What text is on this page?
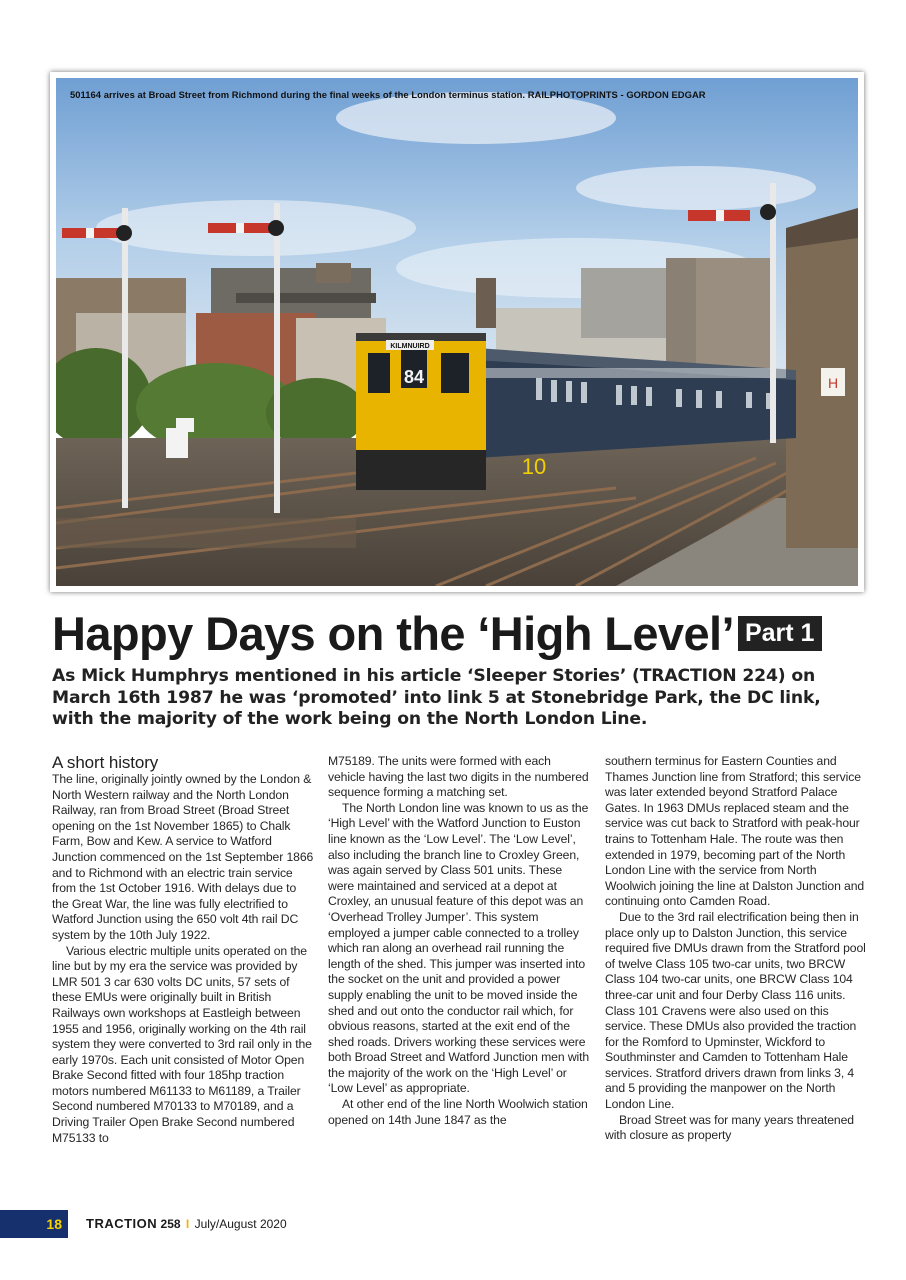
H
KILMNUIRD
84
10
501164 arrives at Broad Street from Richmond during the final weeks of the London terminus station. RAILPHOTOPRINTS - GORDON EDGAR
Happy Days on the ‘High Level’ Part 1

As Mick Humphrys mentioned in his article ‘Sleeper Stories’ (TRACTION 224) on March 16th 1987 he was ‘promoted’ into link 5 at Stonebridge Park, the DC link, with the majority of the work being on the North London Line.

A short history

The line, originally jointly owned by the London & North Western railway and the North London Railway, ran from Broad Street (Broad Street opening on the 1st November 1865) to Chalk Farm, Bow and Kew. A service to Watford Junction commenced on the 1st September 1866 and to Richmond with an electric train service from the 1st October 1916. With delays due to the Great War, the line was fully electrified to Watford Junction using the 650 volt 4th rail DC system by the 10th July 1922.

Various electric multiple units operated on the line but by my era the service was provided by LMR 501 3 car 630 volts DC units, 57 sets of these EMUs were originally built in British Railways own workshops at Eastleigh between 1955 and 1956, originally working on the 4th rail system they were converted to 3rd rail only in the early 1970s. Each unit consisted of Motor Open Brake Second fitted with four 185hp traction motors numbered M61133 to M61189, a Trailer Second numbered M70133 to M70189, and a Driving Trailer Open Brake Second numbered M75133 to

M75189. The units were formed with each vehicle having the last two digits in the numbered sequence forming a matching set.

The North London line was known to us as the ‘High Level’ with the Watford Junction to Euston line known as the ‘Low Level’. The ‘Low Level’, also including the branch line to Croxley Green, was again served by Class 501 units. These were maintained and serviced at a depot at Croxley, an unusual feature of this depot was an ‘Overhead Trolley Jumper’. This system employed a jumper cable connected to a trolley which ran along an overhead rail running the length of the shed. This jumper was inserted into the socket on the unit and provided a power supply enabling the unit to be moved inside the shed and out onto the conductor rail which, for obvious reasons, started at the exit end of the shed roads. Drivers working these services were both Broad Street and Watford Junction men with the majority of the work on the ‘High Level’ or ‘Low Level’ as appropriate.

At other end of the line North Woolwich station opened on 14th June 1847 as the

southern terminus for Eastern Counties and Thames Junction line from Stratford; this service was later extended beyond Stratford Palace Gates. In 1963 DMUs replaced steam and the service was cut back to Stratford with peak-hour trains to Tottenham Hale. The route was then extended in 1979, becoming part of the North London Line with the service from North Woolwich joining the line at Dalston Junction and continuing onto Camden Road.

Due to the 3rd rail electrification being then in place only up to Dalston Junction, this service required five DMUs drawn from the Stratford pool of twelve Class 105 two-car units, two BRCW Class 104 two-car units, one BRCW Class 104 three-car unit and four Derby Class 116 units. Class 101 Cravens were also used on this service. These DMUs also provided the traction for the Romford to Upminster, Wickford to Southminster and Camden to Tottenham Hale services. Stratford drivers drawn from links 3, 4 and 5 providing the manpower on the North London Line.

Broad Street was for many years threatened with closure as property

18	TRACTION 258 I July/August 2020
